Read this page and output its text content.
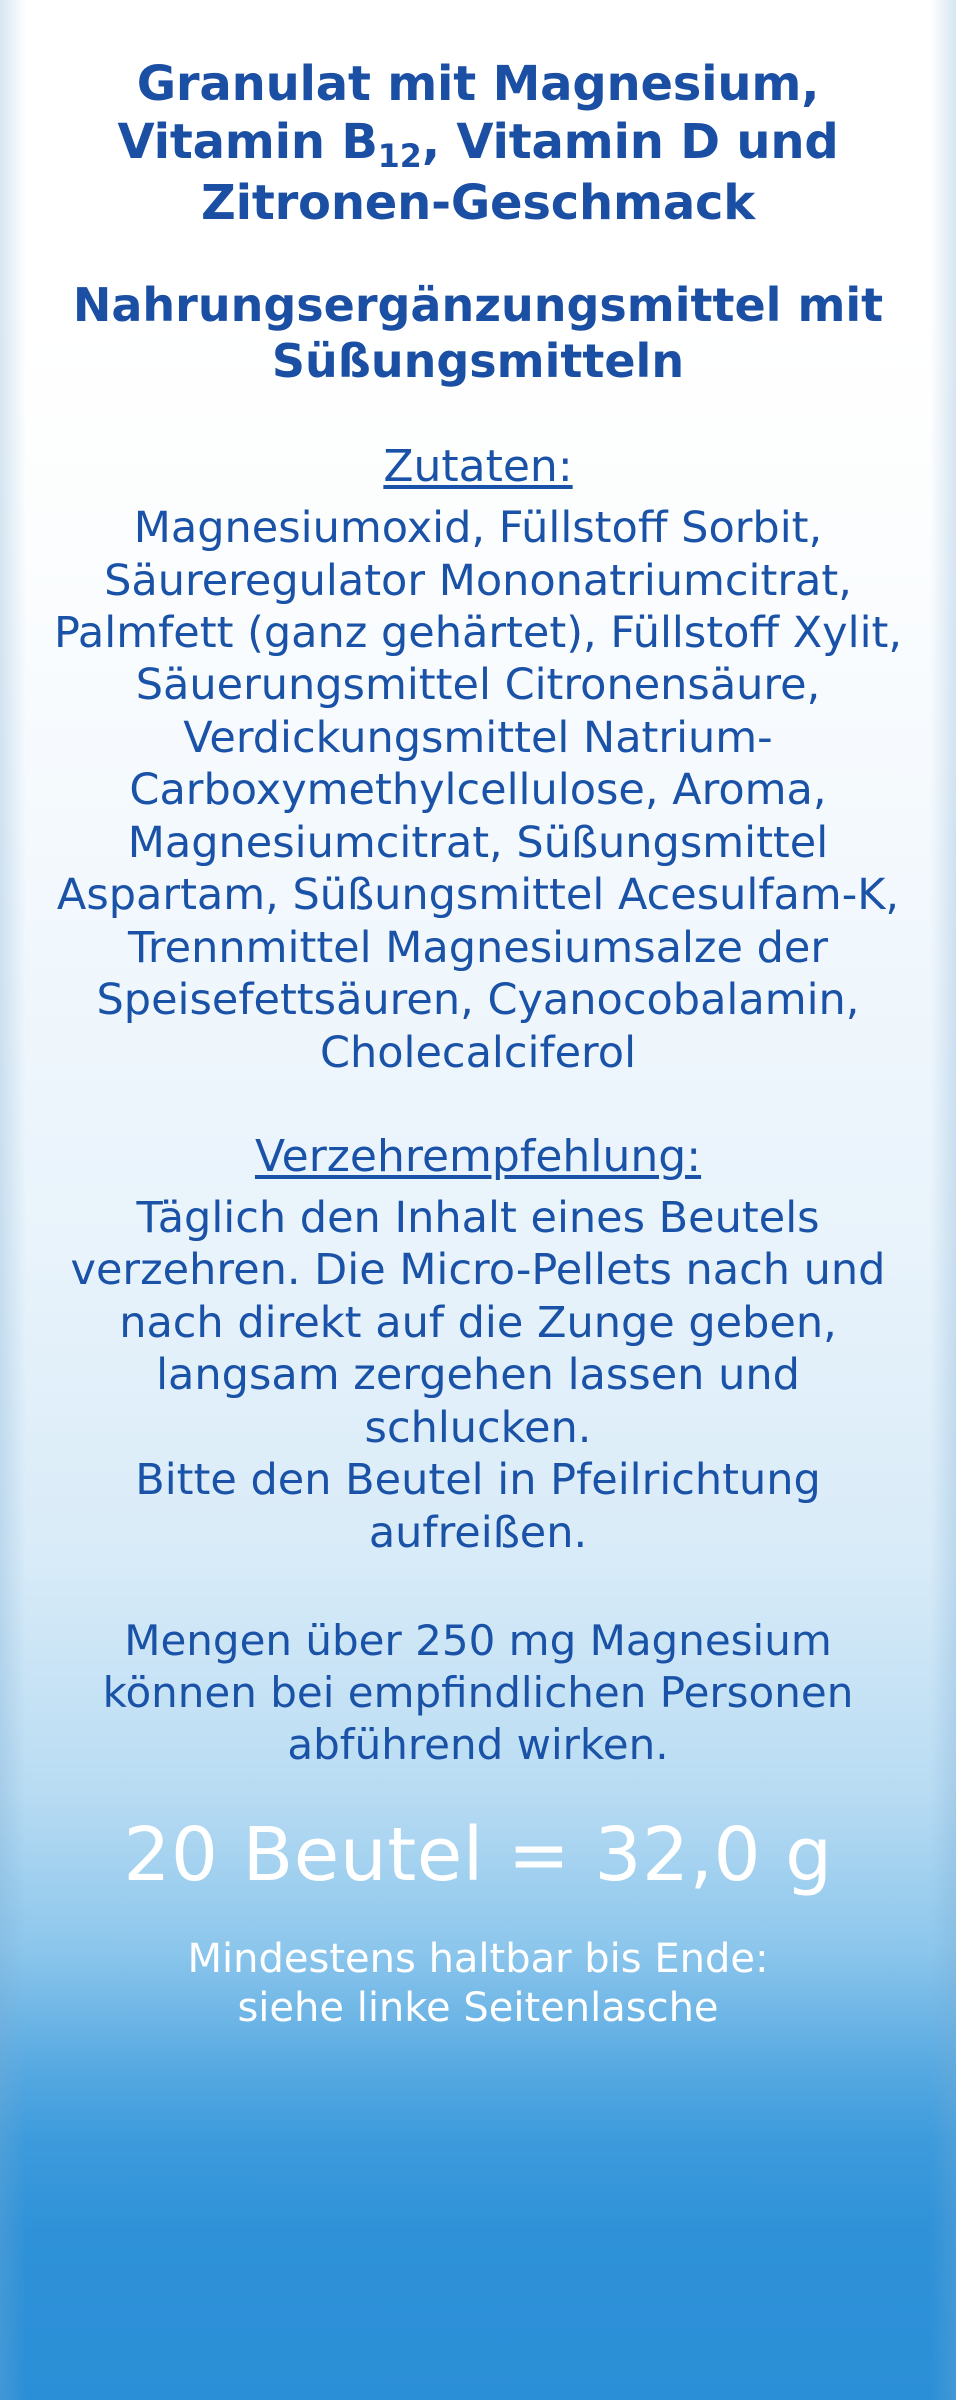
Granulat mit Magnesium,
Vitamin $B_{12}$, Vitamin D und
Zitronen-Geschmack
Nahrungsergänzungsmittel mit Süßungsmitteln
Zutaten:

Magnesiumoxid, Füllstoff Sorbit, Säureregulator Mononatriumcitrat, Palmfett (ganz gehärtet), Füllstoff Xylit, Säuerungsmittel Citronensäure, Verdickungsmittel Natrium-Carboxymethylcellulose, Aroma, Magnesiumcitrat, Süßungsmittel Aspartam, Süßungsmittel Acesulfam-K, Trennmittel Magnesiumsalze der Speisefettsäuren, Cyanocobalamin, Cholecalciferol

Verzehrempfehlung:

Täglich den Inhalt eines Beutels verzehren. Die Micro-Pellets nach und nach direkt auf die Zunge geben, langsam zergehen lassen und schlucken.

Bitte den Beutel in Pfeilrichtung aufreißen.

Mengen über 250 mg Magnesium können bei empfindlichen Personen abführend wirken.

20 Beutel = 32,0 g
Mindestens haltbar bis Ende:
siehe linke Seitenlasche
